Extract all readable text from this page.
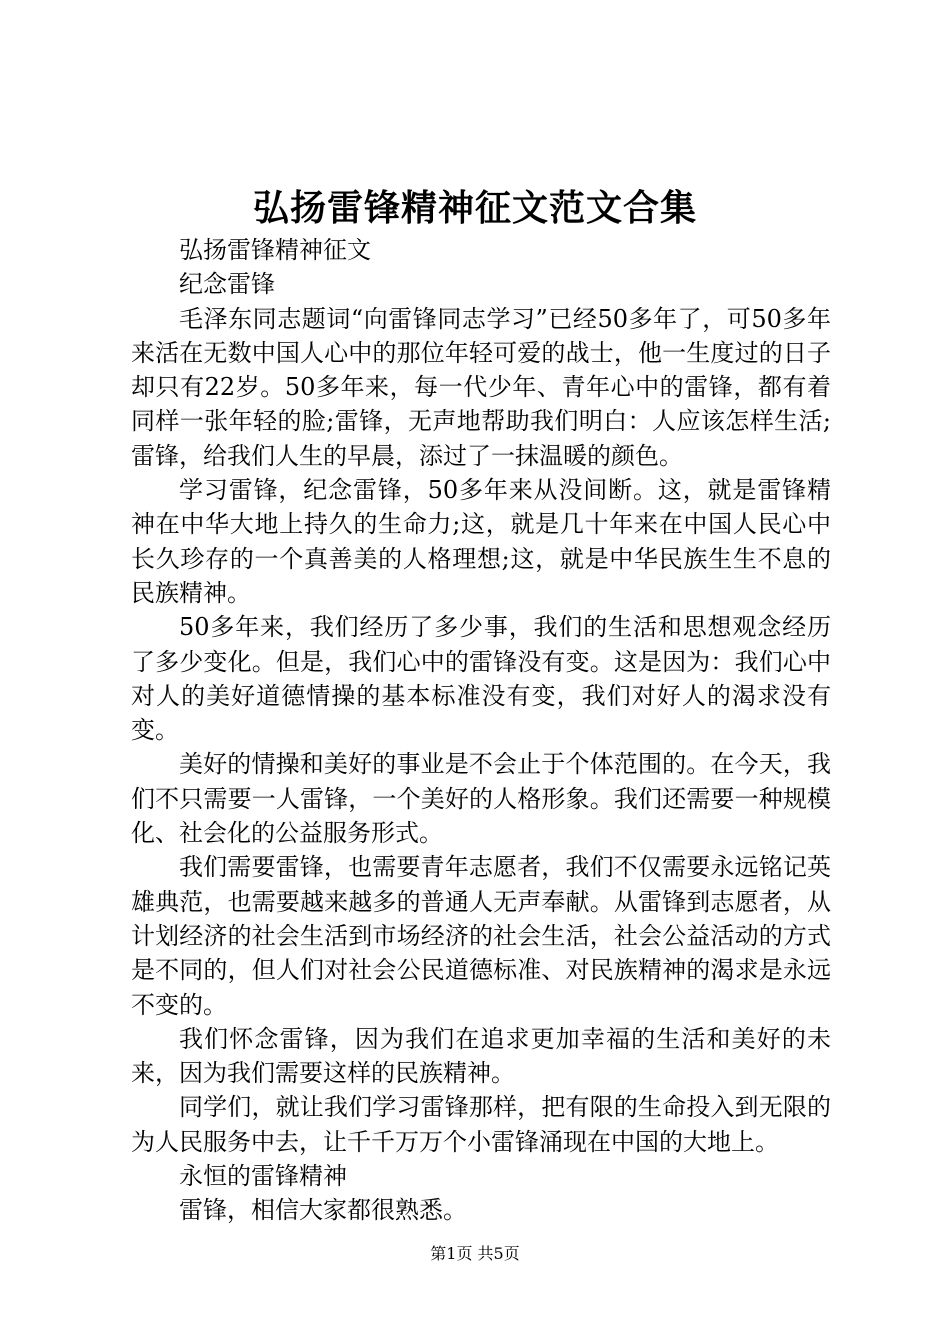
弘扬雷锋精神征文范文合集

弘扬雷锋精神征文

纪念雷锋

毛泽东同志题词“向雷锋同志学习”已经50多年了，可50多年来活在无数中国人心中的那位年轻可爱的战士，他一生度过的日子却只有22岁。50多年来，每一代少年、青年心中的雷锋，都有着同样一张年轻的脸;雷锋，无声地帮助我们明白：人应该怎样生活;雷锋，给我们人生的早晨，添过了一抹温暖的颜色。

学习雷锋，纪念雷锋，50多年来从没间断。这，就是雷锋精神在中华大地上持久的生命力;这，就是几十年来在中国人民心中长久珍存的一个真善美的人格理想;这，就是中华民族生生不息的民族精神。

50多年来，我们经历了多少事，我们的生活和思想观念经历了多少变化。但是，我们心中的雷锋没有变。这是因为：我们心中对人的美好道德情操的基本标准没有变，我们对好人的渴求没有变。

美好的情操和美好的事业是不会止于个体范围的。在今天，我们不只需要一人雷锋，一个美好的人格形象。我们还需要一种规模化、社会化的公益服务形式。

我们需要雷锋，也需要青年志愿者，我们不仅需要永远铭记英雄典范，也需要越来越多的普通人无声奉献。从雷锋到志愿者，从计划经济的社会生活到市场经济的社会生活，社会公益活动的方式是不同的，但人们对社会公民道德标准、对民族精神的渴求是永远不变的。

我们怀念雷锋，因为我们在追求更加幸福的生活和美好的未来，因为我们需要这样的民族精神。

同学们，就让我们学习雷锋那样，把有限的生命投入到无限的为人民服务中去，让千千万万个小雷锋涌现在中国的大地上。

永恒的雷锋精神

雷锋，相信大家都很熟悉。

第1页 共5页
